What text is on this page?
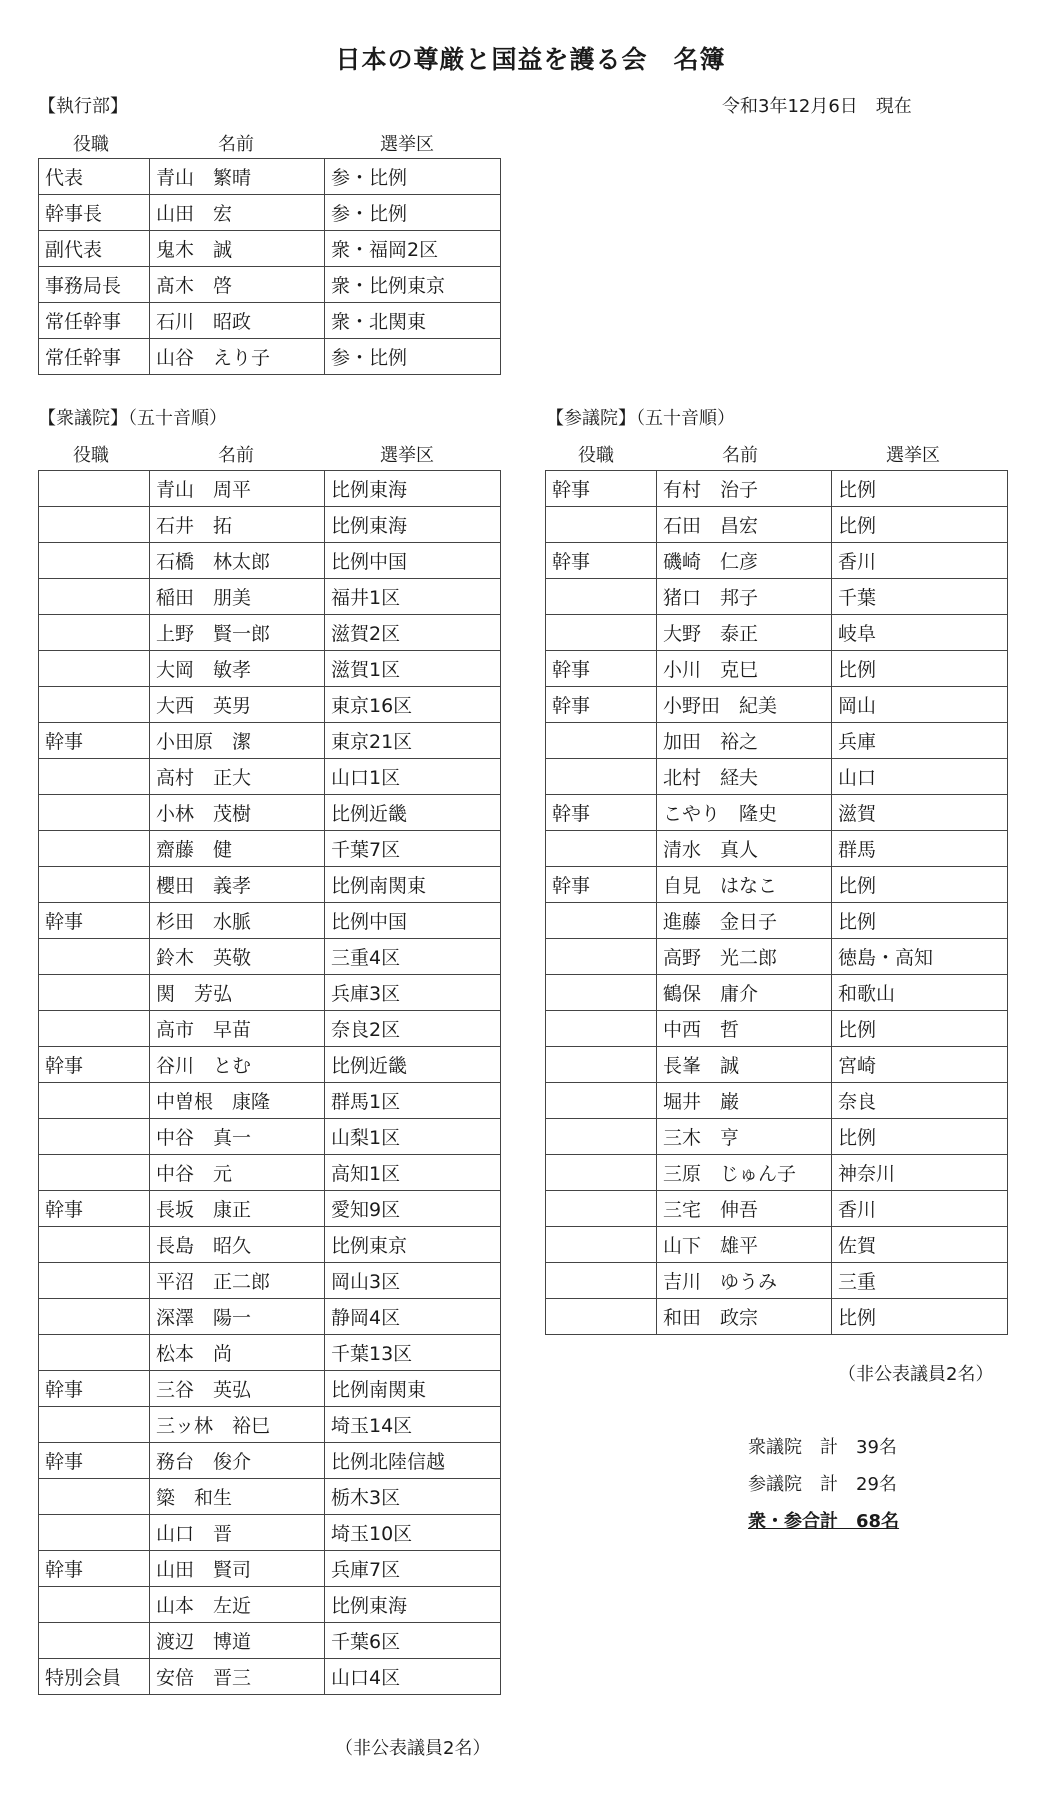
日本の尊厳と国益を護る会　名簿
【執行部】	令和3年12月6日　現在
役職	名前	選挙区
代表	青山　繁晴	参・比例
幹事長	山田　宏	参・比例
副代表	鬼木　誠	衆・福岡2区
事務局長	髙木　啓	衆・比例東京
常任幹事	石川　昭政	衆・北関東
常任幹事	山谷　えり子	参・比例
【衆議院】（五十音順）
役職	名前	選挙区
	青山　周平	比例東海
	石井　拓	比例東海
	石橋　林太郎	比例中国
	稲田　朋美	福井1区
	上野　賢一郎	滋賀2区
	大岡　敏孝	滋賀1区
	大西　英男	東京16区
幹事	小田原　潔	東京21区
	高村　正大	山口1区
	小林　茂樹	比例近畿
	齋藤　健	千葉7区
	櫻田　義孝	比例南関東
幹事	杉田　水脈	比例中国
	鈴木　英敬	三重4区
	関　芳弘	兵庫3区
	高市　早苗	奈良2区
幹事	谷川　とむ	比例近畿
	中曽根　康隆	群馬1区
	中谷　真一	山梨1区
	中谷　元	高知1区
幹事	長坂　康正	愛知9区
	長島　昭久	比例東京
	平沼　正二郎	岡山3区
	深澤　陽一	静岡4区
	松本　尚	千葉13区
幹事	三谷　英弘	比例南関東
	三ッ林　裕巳	埼玉14区
幹事	務台　俊介	比例北陸信越
	簗　和生	栃木3区
	山口　晋	埼玉10区
幹事	山田　賢司	兵庫7区
	山本　左近	比例東海
	渡辺　博道	千葉6区
特別会員	安倍　晋三	山口4区
（非公表議員2名）
【参議院】（五十音順）
役職	名前	選挙区
幹事	有村　治子	比例
	石田　昌宏	比例
幹事	磯崎　仁彦	香川
	猪口　邦子	千葉
	大野　泰正	岐阜
幹事	小川　克巳	比例
幹事	小野田　紀美	岡山
	加田　裕之	兵庫
	北村　経夫	山口
幹事	こやり　隆史	滋賀
	清水　真人	群馬
幹事	自見　はなこ	比例
	進藤　金日子	比例
	高野　光二郎	徳島・高知
	鶴保　庸介	和歌山
	中西　哲	比例
	長峯　誠	宮崎
	堀井　巌	奈良
	三木　亨	比例
	三原　じゅん子	神奈川
	三宅　伸吾	香川
	山下　雄平	佐賀
	吉川　ゆうみ	三重
	和田　政宗	比例
（非公表議員2名）
衆議院　計　39名
参議院　計　29名
衆・参合計　68名
